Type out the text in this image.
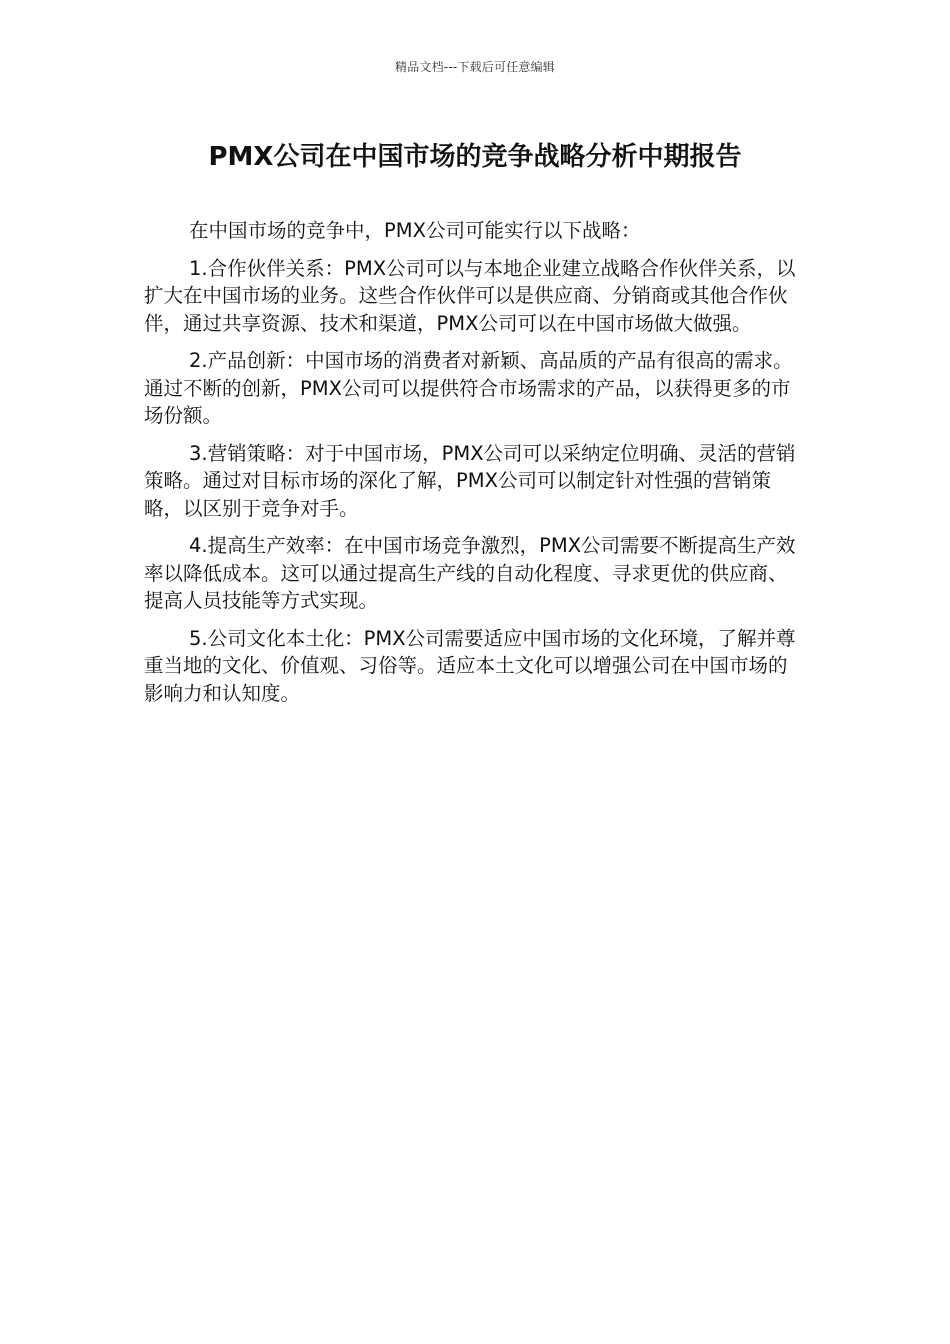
精品文档---下载后可任意编辑
PMX公司在中国市场的竞争战略分析中期报告

在中国市场的竞争中，PMX公司可能实行以下战略：

1.合作伙伴关系：PMX公司可以与本地企业建立战略合作伙伴关系，以扩大在中国市场的业务。这些合作伙伴可以是供应商、分销商或其他合作伙伴，通过共享资源、技术和渠道，PMX公司可以在中国市场做大做强。

2.产品创新：中国市场的消费者对新颖、高品质的产品有很高的需求。通过不断的创新，PMX公司可以提供符合市场需求的产品，以获得更多的市场份额。

3.营销策略：对于中国市场，PMX公司可以采纳定位明确、灵活的营销策略。通过对目标市场的深化了解，PMX公司可以制定针对性强的营销策略，以区别于竞争对手。

4.提高生产效率：在中国市场竞争激烈，PMX公司需要不断提高生产效率以降低成本。这可以通过提高生产线的自动化程度、寻求更优的供应商、提高人员技能等方式实现。

5.公司文化本土化：PMX公司需要适应中国市场的文化环境，了解并尊重当地的文化、价值观、习俗等。适应本土文化可以增强公司在中国市场的影响力和认知度。
